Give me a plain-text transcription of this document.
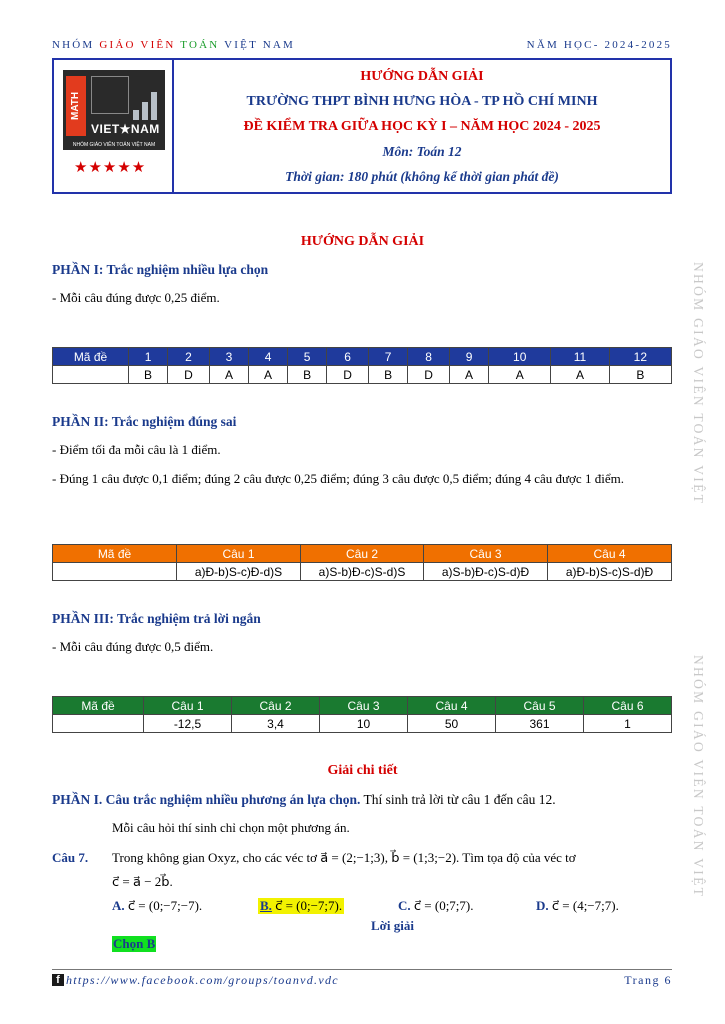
NHÓM GIÁO VIÊN TOÁN VIỆT NAM	NĂM HỌC- 2024-2025
MATH
VIET★NAM
NHÓM GIÁO VIÊN TOÁN VIỆT NAM
★★★★★
HƯỚNG DẪN GIẢI
TRƯỜNG THPT BÌNH HƯNG HÒA - TP HỒ CHÍ MINH
ĐỀ KIỂM TRA GIỮA HỌC KỲ I – NĂM HỌC 2024 - 2025
Môn: Toán 12
Thời gian: 180 phút (không kể thời gian phát đề)
HƯỚNG DẪN GIẢI
PHẦN I: Trắc nghiệm nhiều lựa chọn
- Mỗi câu đúng được 0,25 điểm.
Mã đề	1	2	3	4	5	6	7	8	9	10	11	12
	B	D	A	A	B	D	B	D	A	A	A	B
PHẦN II: Trắc nghiệm đúng sai
- Điểm tối đa mỗi câu là 1 điểm.
- Đúng 1 câu được 0,1 điểm; đúng 2 câu được 0,25 điểm; đúng 3 câu được 0,5 điểm; đúng 4 câu được 1 điểm.
Mã đề	Câu 1	Câu 2	Câu 3	Câu 4
	a)Đ-b)S-c)Đ-d)S	a)S-b)Đ-c)S-d)S	a)S-b)Đ-c)S-d)Đ	a)Đ-b)S-c)S-d)Đ
PHẦN III: Trắc nghiệm trả lời ngắn
- Mỗi câu đúng được 0,5 điểm.
Mã đề	Câu 1	Câu 2	Câu 3	Câu 4	Câu 5	Câu 6
	-12,5	3,4	10	50	361	1
Giải chi tiết
PHẦN I. Câu trắc nghiệm nhiều phương án lựa chọn. Thí sinh trả lời từ câu 1 đến câu 12.
Mỗi câu hỏi thí sinh chỉ chọn một phương án.
Câu 7. Trong không gian Oxyz, cho các véc tơ a⃗ = (2;−1;3), b⃗ = (1;3;−2). Tìm tọa độ của véc tơ
c⃗ = a⃗ − 2b⃗.
A. c⃗ = (0;−7;−7).	B. c⃗ = (0;−7;7).	C. c⃗ = (0;7;7).	D. c⃗ = (4;−7;7).
Lời giải
Chọn B
NHÓM GIÁO VIÊN TOÁN VIỆT
NHÓM GIÁO VIÊN TOÁN VIỆT
f https://www.facebook.com/groups/toanvd.vdc	Trang 6
